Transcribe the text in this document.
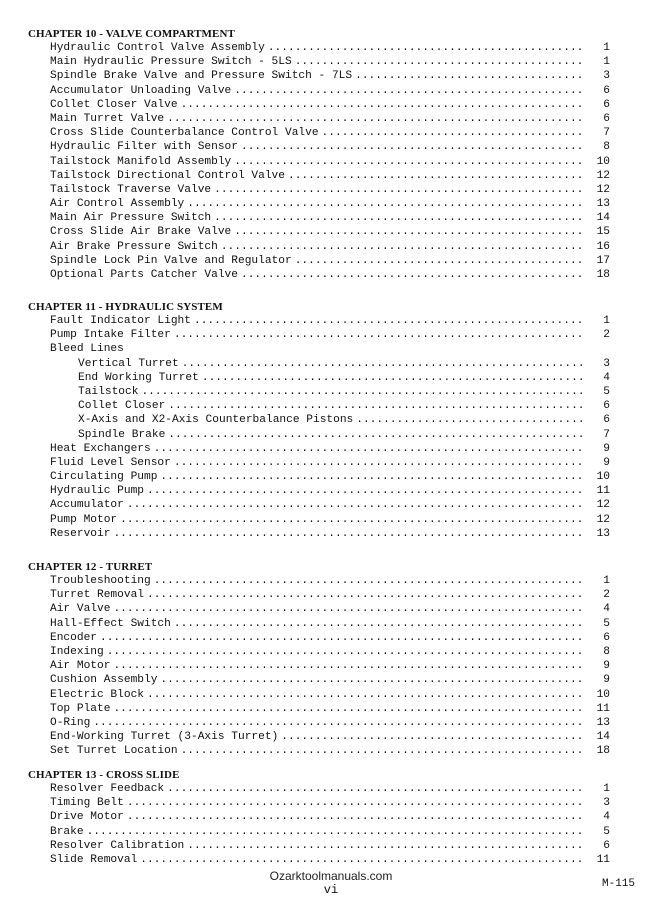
CHAPTER 10 - VALVE COMPARTMENT
Hydraulic Control Valve Assembly .....	1
Main Hydraulic Pressure Switch - 5LS .....	1
Spindle Brake Valve and Pressure Switch - 7LS .....	3
Accumulator Unloading Valve .....	6
Collet Closer Valve .....	6
Main Turret Valve .....	6
Cross Slide Counterbalance Control Valve .....	7
Hydraulic Filter with Sensor .....	8
Tailstock Manifold Assembly .....	10
Tailstock Directional Control Valve .....	12
Tailstock Traverse Valve .....	12
Air Control Assembly .....	13
Main Air Pressure Switch .....	14
Cross Slide Air Brake Valve .....	15
Air Brake Pressure Switch .....	16
Spindle Lock Pin Valve and Regulator .....	17
Optional Parts Catcher Valve .....	18
CHAPTER 11 - HYDRAULIC SYSTEM
Fault Indicator Light .....	1
Pump Intake Filter .....	2
Bleed Lines
Vertical Turret .....	3
End Working Turret .....	4
Tailstock .....	5
Collet Closer .....	6
X-Axis and X2-Axis Counterbalance Pistons .....	6
Spindle Brake .....	7
Heat Exchangers .....	9
Fluid Level Sensor .....	9
Circulating Pump .....	10
Hydraulic Pump .....	11
Accumulator .....	12
Pump Motor .....	12
Reservoir .....	13
CHAPTER 12 - TURRET
Troubleshooting .....	1
Turret Removal .....	2
Air Valve .....	4
Hall-Effect Switch .....	5
Encoder .....	6
Indexing .....	8
Air Motor .....	9
Cushion Assembly .....	9
Electric Block .....	10
Top Plate .....	11
O-Ring .....	13
End-Working Turret (3-Axis Turret) .....	14
Set Turret Location .....	18
CHAPTER 13 - CROSS SLIDE
Resolver Feedback .....	1
Timing Belt .....	3
Drive Motor .....	4
Brake .....	5
Resolver Calibration .....	6
Slide Removal .....	11
Ozarktoolmanuals.com
vi	M-115
